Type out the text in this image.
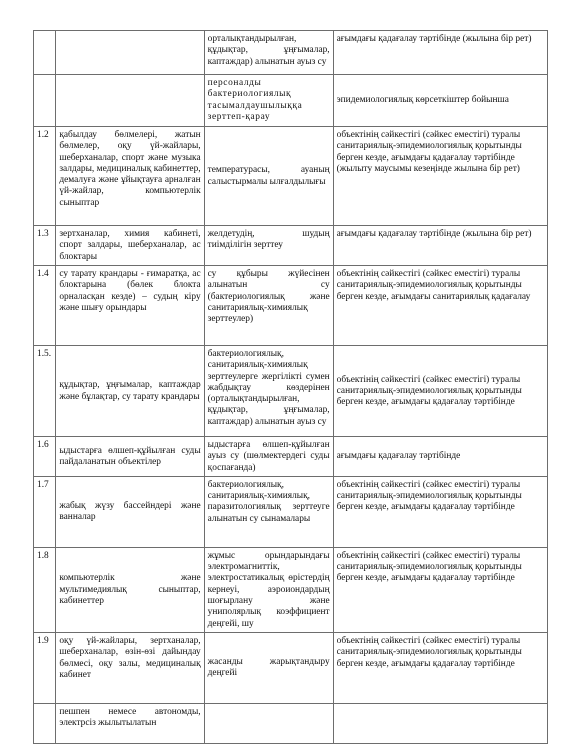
		орталықтандырылған, құдықтар, ұңғымалар, каптаждар) алынатын ауыз су	ағымдағы қадағалау тәртібінде (жылына бір рет)
		персоналды бактериологиялық тасымалдаушылыққа зерттеп-қарау	эпидемиологиялық көрсеткіштер бойынша
1.2	қабылдау бөлмелері, жатын бөлмелер, оқу үй-жайлары, шеберханалар, спорт және музыка залдары, медициналық кабинеттер, демалуға және ұйықтауға арналған үй-жайлар, компьютерлік сыныптар	температурасы, ауаның салыстырмалы ылғалдылығы	объектінің сәйкестігі (сәйкес еместігі) туралы санитариялық-эпидемиологиялық қорытынды берген кезде, ағымдағы қадағалау тәртібінде (жылыту маусымы кезеңінде жылына бір рет)
1.3	зертханалар, химия кабинеті, спорт залдары, шеберханалар, ас блоктары	желдетудің, шудың тиімділігін зерттеу	ағымдағы қадағалау тәртібінде (жылына бір рет)
1.4	су тарату крандары - ғимаратқа, ас блоктарына (бөлек блокта орналасқан кезде) – судың кіру және шығу орындары	су құбыры жүйесінен алынатын су (бактериологиялық және санитариялық-химиялық зерттеулер)	объектінің сәйкестігі (сәйкес еместігі) туралы санитариялық-эпидемиологиялық қорытынды берген кезде, ағымдағы санитариялық қадағалау
1.5.	құдықтар, ұңғымалар, каптаждар және бұлақтар, су тарату крандары	бактериологиялық, санитариялық-химиялық зерттеулерге жергілікті сумен жабдықтау көздерінен (орталықтандырылған, құдықтар, ұңғымалар, каптаждар) алынатын ауыз су	объектінің сәйкестігі (сәйкес еместігі) туралы санитариялық-эпидемиологиялық қорытынды берген кезде, ағымдағы қадағалау тәртібінде
1.6	ыдыстарға өлшеп-құйылған суды пайдаланатын объектілер	ыдыстарға өлшеп-құйылған ауыз су (шөлмектердегі суды қоспағанда)	ағымдағы қадағалау тәртібінде
1.7	жабық жүзу бассейндері және ванналар	бактериологиялық, санитариялық-химиялық, паразитологиялық зерттеуге алынатын су сынамалары	объектінің сәйкестігі (сәйкес еместігі) туралы санитариялық-эпидемиологиялық қорытынды берген кезде, ағымдағы қадағалау тәртібінде
1.8	компьютерлік және мультимедиялық сыныптар, кабинеттер	жұмыс орындарындағы электромагниттік, электростатикалық өрістердің кернеуі, аэроиондардың шоғырлану және униполярлық коэффициент деңгейі, шу	объектінің сәйкестігі (сәйкес еместігі) туралы санитариялық-эпидемиологиялық қорытынды берген кезде, ағымдағы қадағалау тәртібінде
1.9	оқу үй-жайлары, зертханалар, шеберханалар, өзін-өзі дайындау бөлмесі, оқу залы, медициналық кабинет	жасанды жарықтандыру деңгейі	объектінің сәйкестігі (сәйкес еместігі) туралы санитариялық-эпидемиологиялық қорытынды берген кезде, ағымдағы қадағалау тәртібінде
	пешпен немесе автономды, электрсіз жылытылатын		
